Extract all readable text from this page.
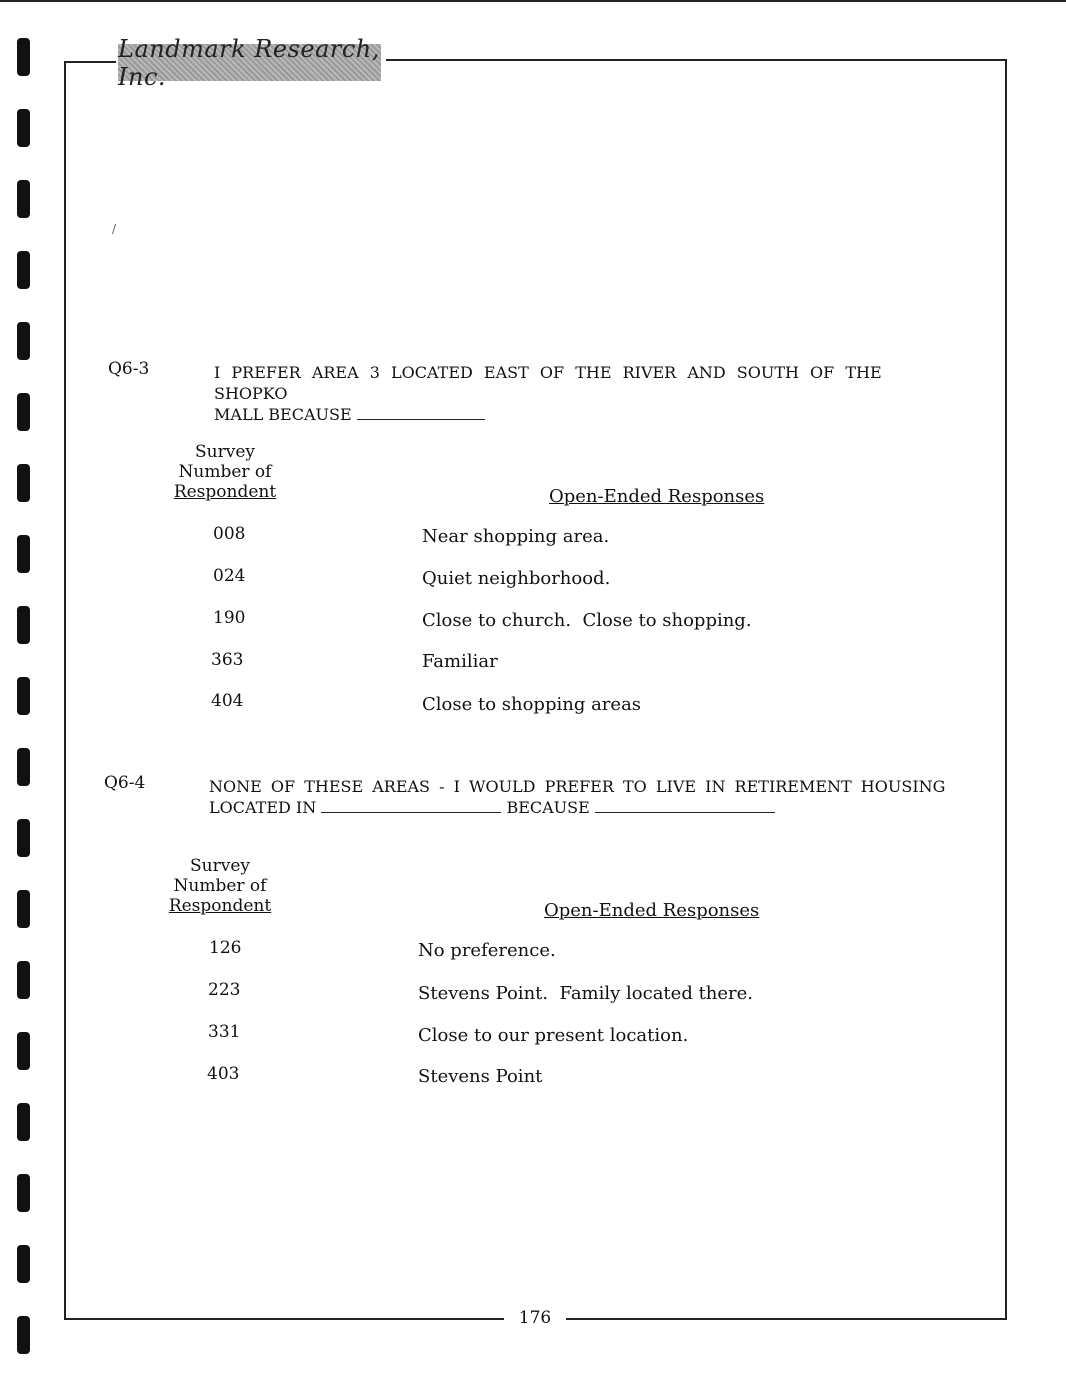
Landmark Research, Inc.
/
Q6-3	I PREFER AREA 3 LOCATED EAST OF THE RIVER AND SOUTH OF THE SHOPKO
MALL BECAUSE
Survey
Number of
Respondent	Open-Ended Responses
008	Near shopping area.
024	Quiet neighborhood.
190	Close to church.  Close to shopping.
363	Familiar
404	Close to shopping areas
Q6-4	NONE OF THESE AREAS - I WOULD PREFER TO LIVE IN RETIREMENT HOUSING
LOCATED IN	BECAUSE
Survey
Number of
Respondent	Open-Ended Responses
126	No preference.
223	Stevens Point.  Family located there.
331	Close to our present location.
403	Stevens Point
176
